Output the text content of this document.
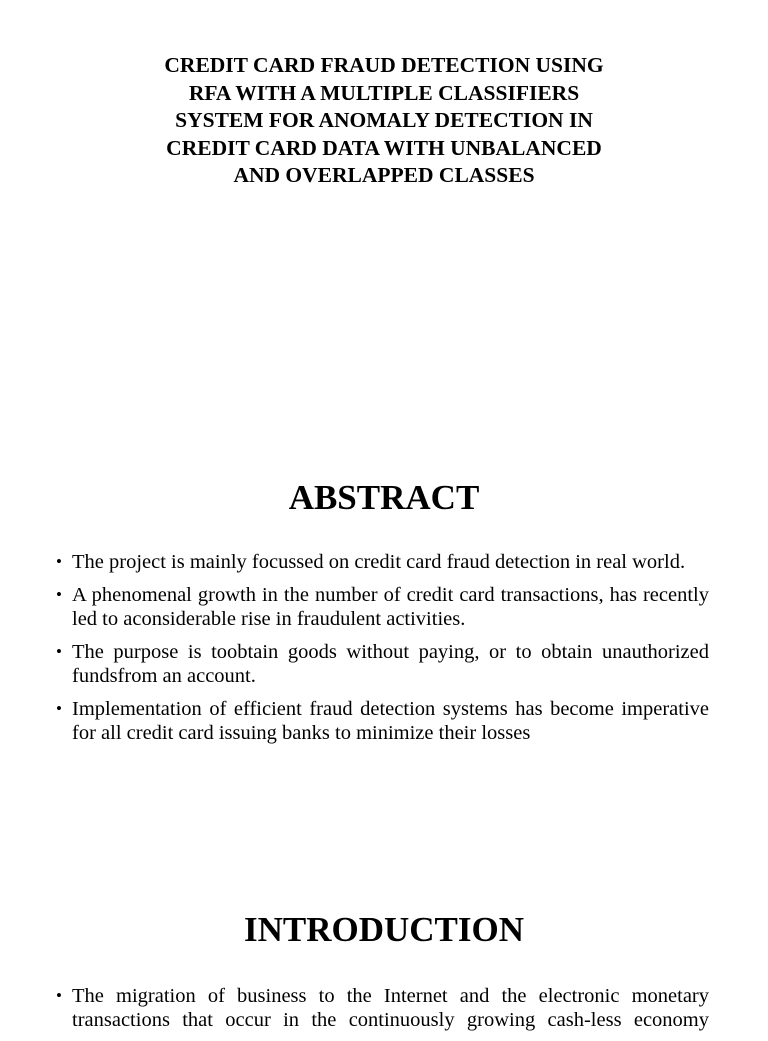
CREDIT CARD FRAUD DETECTION USING
RFA WITH A MULTIPLE CLASSIFIERS
SYSTEM FOR ANOMALY DETECTION IN
CREDIT CARD DATA WITH UNBALANCED
AND OVERLAPPED CLASSES
ABSTRACT
• The project is mainly focussed on credit card fraud detection in real world.
• A phenomenal growth in the number of credit card transactions, has recently led to aconsiderable rise in fraudulent activities.
• The purpose is toobtain goods without paying, or to obtain unauthorized fundsfrom an account.
• Implementation of efficient fraud detection systems has become imperative for all credit card issuing banks to minimize their losses
INTRODUCTION
• The migration of business to the Internet and the electronic monetary transactions that occur in the continuously growing cash-less economy
